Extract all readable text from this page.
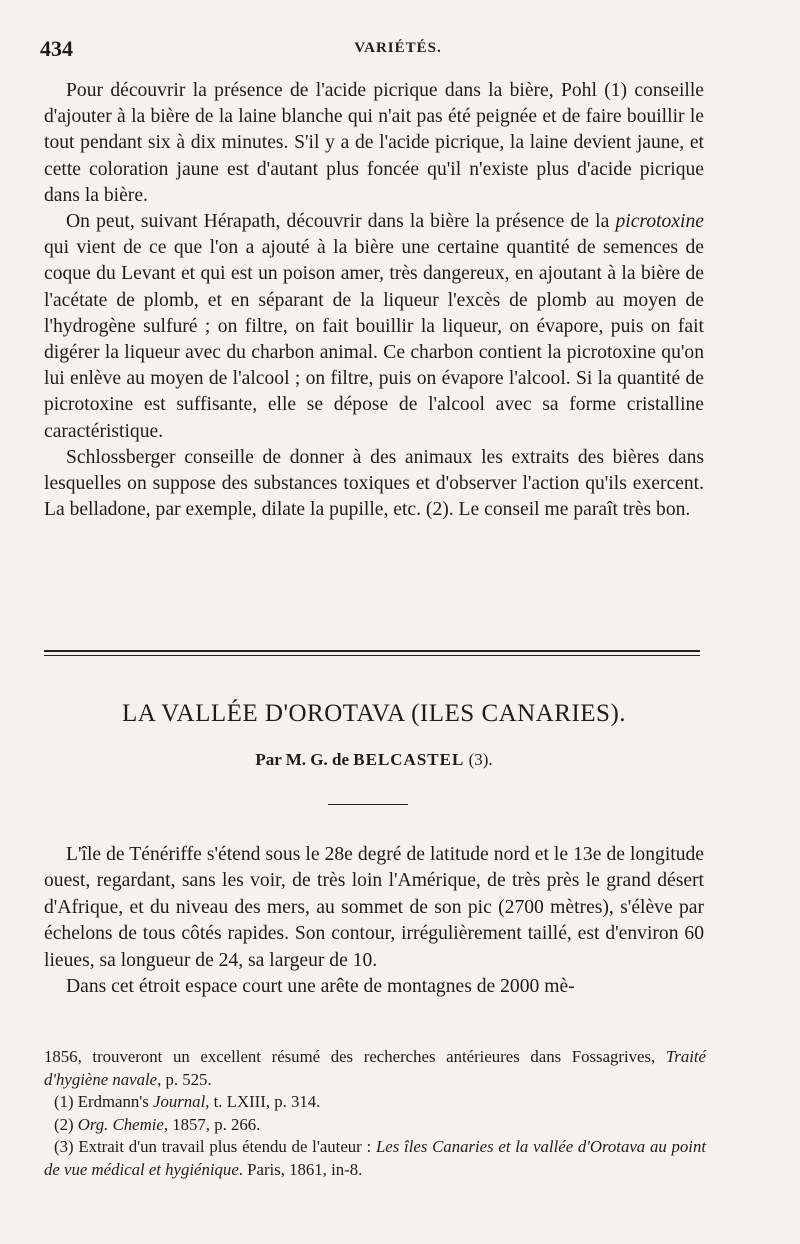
434	VARIÉTÉS.

Pour découvrir la présence de l'acide picrique dans la bière, Pohl (1) conseille d'ajouter à la bière de la laine blanche qui n'ait pas été peignée et de faire bouillir le tout pendant six à dix minutes. S'il y a de l'acide picrique, la laine devient jaune, et cette coloration jaune est d'autant plus foncée qu'il n'existe plus d'acide picrique dans la bière.

On peut, suivant Hérapath, découvrir dans la bière la présence de la picrotoxine qui vient de ce que l'on a ajouté à la bière une certaine quantité de semences de coque du Levant et qui est un poison amer, très dangereux, en ajoutant à la bière de l'acétate de plomb, et en séparant de la liqueur l'excès de plomb au moyen de l'hydrogène sulfuré ; on filtre, on fait bouillir la liqueur, on évapore, puis on fait digérer la liqueur avec du charbon animal. Ce charbon contient la picrotoxine qu'on lui enlève au moyen de l'alcool ; on filtre, puis on évapore l'alcool. Si la quantité de picrotoxine est suffisante, elle se dépose de l'alcool avec sa forme cristalline caractéristique.

Schlossberger conseille de donner à des animaux les extraits des bières dans lesquelles on suppose des substances toxiques et d'observer l'action qu'ils exercent. La belladone, par exemple, dilate la pupille, etc. (2). Le conseil me paraît très bon.

LA VALLÉE D'OROTAVA (ILES CANARIES).
Par M. G. de BELCASTEL (3).

L'île de Ténériffe s'étend sous le 28e degré de latitude nord et le 13e de longitude ouest, regardant, sans les voir, de très loin l'Amérique, de très près le grand désert d'Afrique, et du niveau des mers, au sommet de son pic (2700 mètres), s'élève par échelons de tous côtés rapides. Son contour, irrégulièrement taillé, est d'environ 60 lieues, sa longueur de 24, sa largeur de 10.

Dans cet étroit espace court une arête de montagnes de 2000 mè-

1856, trouveront un excellent résumé des recherches antérieures dans Fossagrives, Traité d'hygiène navale, p. 525.

(1) Erdmann's Journal, t. LXIII, p. 314.

(2) Org. Chemie, 1857, p. 266.

(3) Extrait d'un travail plus étendu de l'auteur : Les îles Canaries et la vallée d'Orotava au point de vue médical et hygiénique. Paris, 1861, in-8.
